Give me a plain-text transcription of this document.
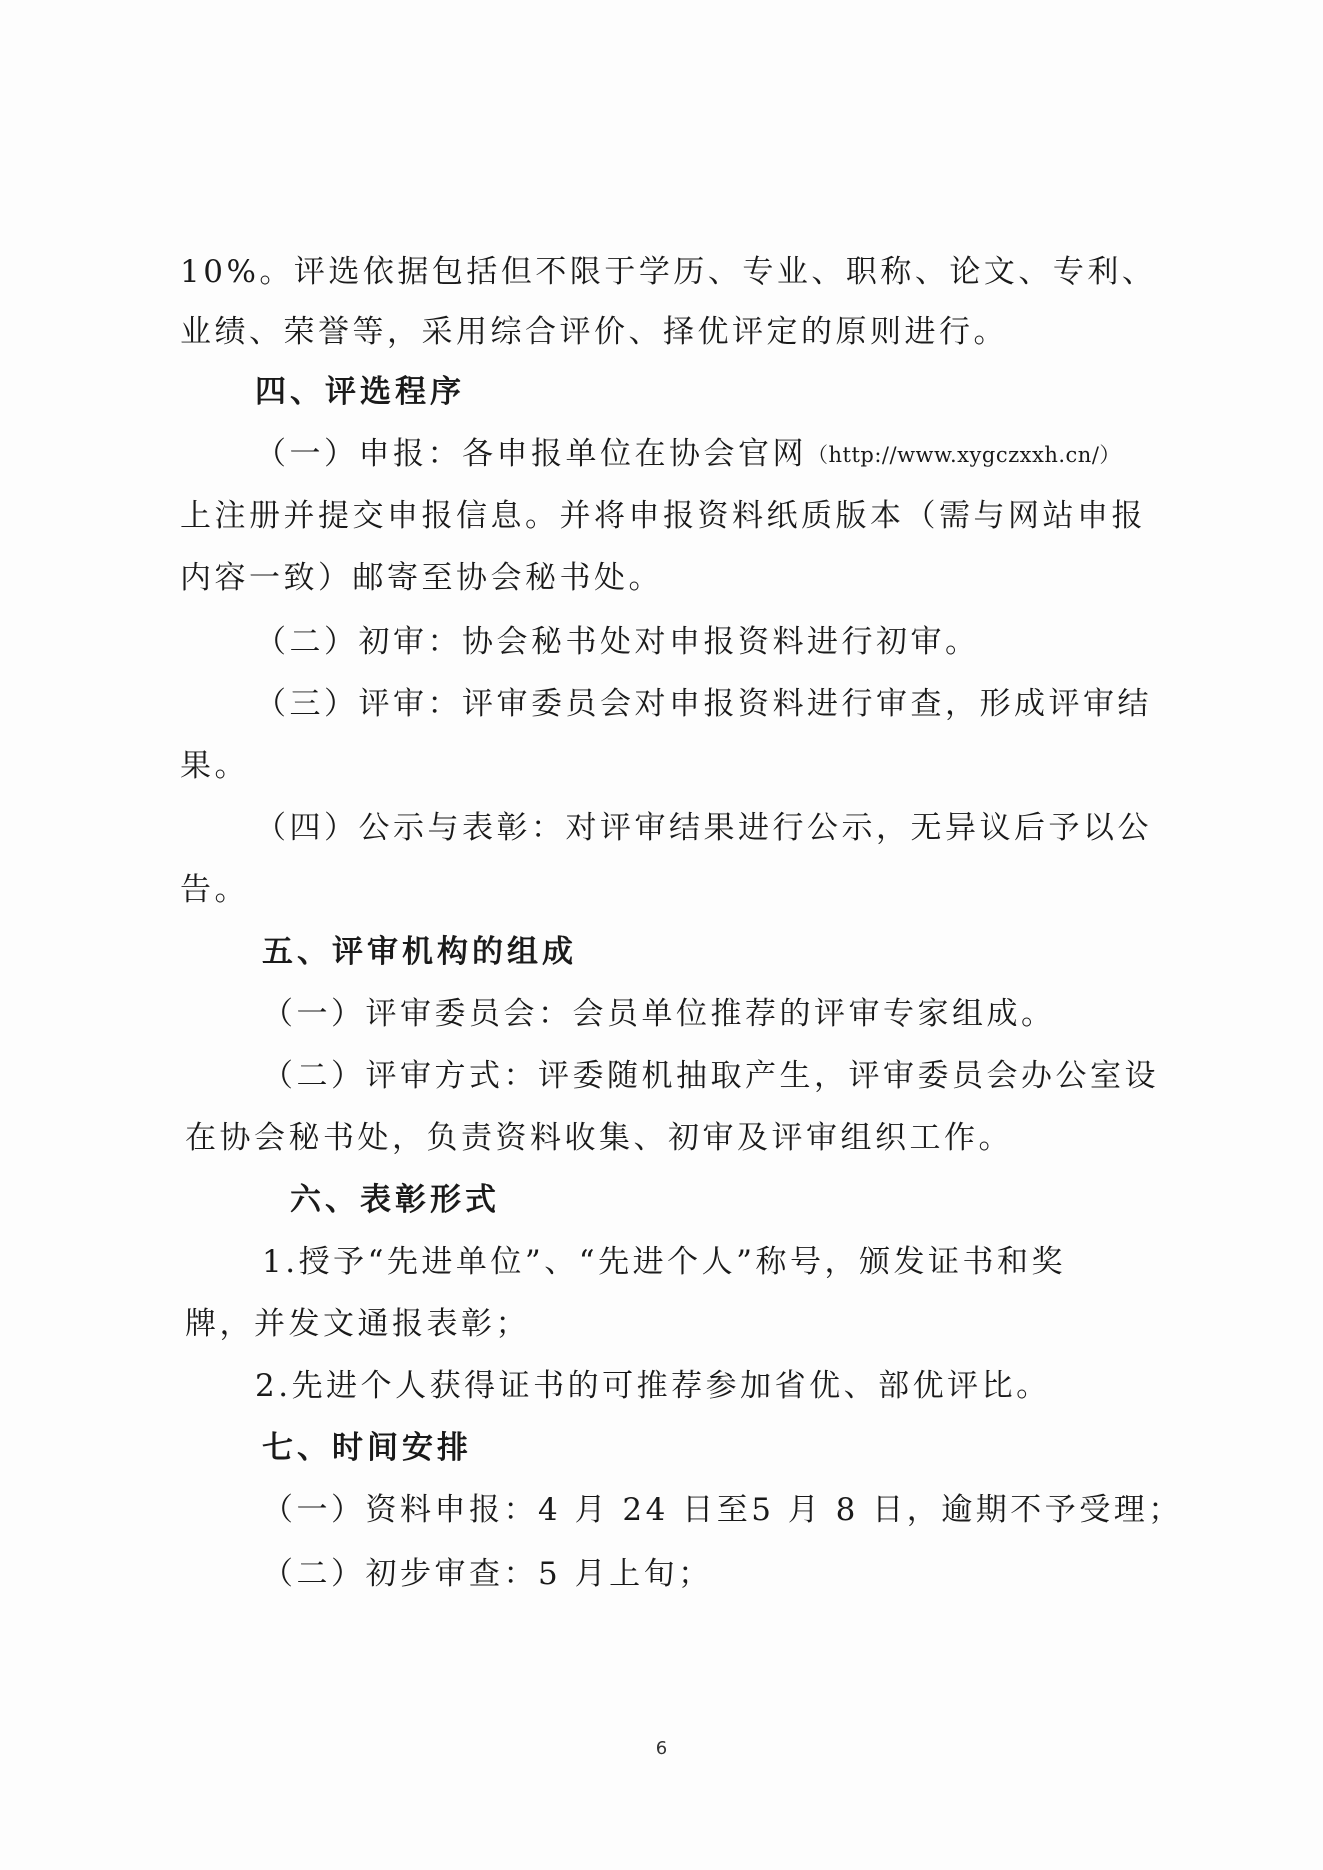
10%。评选依据包括但不限于学历、专业、职称、论文、专利、
业绩、荣誉等，采用综合评价、择优评定的原则进行。
四、评选程序
（一）申报：各申报单位在协会官网（http://www.xygczxxh.cn/）
上注册并提交申报信息。并将申报资料纸质版本（需与网站申报
内容一致）邮寄至协会秘书处。
（二）初审：协会秘书处对申报资料进行初审。
（三）评审：评审委员会对申报资料进行审查，形成评审结
果。
（四）公示与表彰：对评审结果进行公示，无异议后予以公
告。
五、评审机构的组成
（一）评审委员会：会员单位推荐的评审专家组成。
（二）评审方式：评委随机抽取产生，评审委员会办公室设
在协会秘书处，负责资料收集、初审及评审组织工作。
六、表彰形式
1.授予“先进单位”、“先进个人”称号，颁发证书和奖
牌，并发文通报表彰；
2.先进个人获得证书的可推荐参加省优、部优评比。
七、时间安排
（一）资料申报：4 月 24 日至5 月 8 日，逾期不予受理；
（二）初步审查：5 月上旬；
6
